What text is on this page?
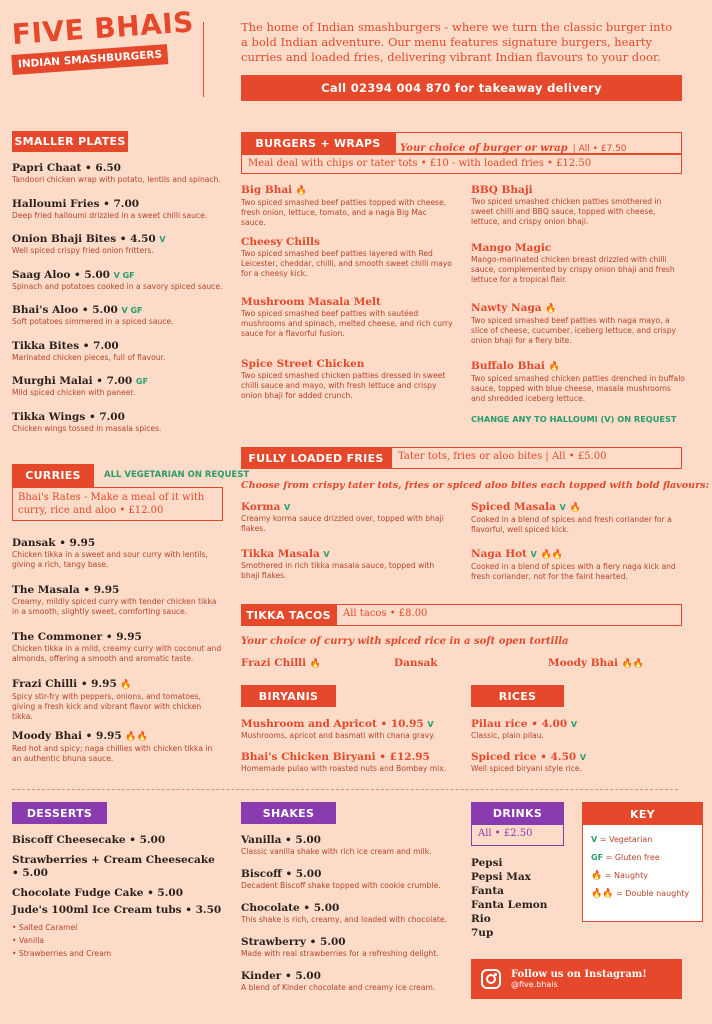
FIVE BHAIS
INDIAN SMASHBURGERS
The home of Indian smashburgers - where we turn the classic burger into a bold Indian adventure. Our menu features signature burgers, hearty curries and loaded fries, delivering vibrant Indian flavours to your door.
Call 02394 004 870 for takeaway delivery
SMALLER PLATES
Papri Chaat • 6.50
Tandoori chicken wrap with potato, lentils and spinach.
Halloumi Fries • 7.00
Deep fried halloumi drizzled in a sweet chilli sauce.
Onion Bhaji Bites • 4.50 V
Well spiced crispy fried onion fritters.
Saag Aloo • 5.00 V GF
Spinach and potatoes cooked in a savory spiced sauce.
Bhai's Aloo • 5.00 V GF
Soft potatoes simmered in a spiced sauce.
Tikka Bites • 7.00
Marinated chicken pieces, full of flavour.
Murghi Malai • 7.00 GF
Mild spiced chicken with paneer.
Tikka Wings • 7.00
Chicken wings tossed in masala spices.
CURRIES	ALL VEGETARIAN ON REQUEST
Bhai's Rates - Make a meal of it with curry, rice and aloo • £12.00
Dansak • 9.95
Chicken tikka in a sweet and sour curry with lentils, giving a rich, tangy base.
The Masala • 9.95
Creamy, mildly spiced curry with tender chicken tikka in a smooth, slightly sweet, comforting sauce.
The Commoner • 9.95
Chicken tikka in a mild, creamy curry with coconut and almonds, offering a smooth and aromatic taste.
Frazi Chilli • 9.95 🔥
Spicy stir-fry with peppers, onions, and tomatoes, giving a fresh kick and vibrant flavor with chicken tikka.
Moody Bhai • 9.95 🔥🔥
Red hot and spicy; naga chillies with chicken tikka in an authentic bhuna sauce.
BURGERS + WRAPS	Your choice of burger or wrap | All • £7.50
Meal deal with chips or tater tots • £10 - with loaded fries • £12.50
Big Bhai 🔥
Two spiced smashed beef patties topped with cheese, fresh onion, lettuce, tomato, and a naga Big Mac sauce.
Cheesy Chills
Two spiced smashed beef patties layered with Red Leicester, cheddar, chilli, and smooth sweet chilli mayo for a cheesy kick.
Mushroom Masala Melt
Two spiced smashed beef patties with sautéed mushrooms and spinach, melted cheese, and rich curry sauce for a flavorful fusion.
Spice Street Chicken
Two spiced smashed chicken patties dressed in sweet chilli sauce and mayo, with fresh lettuce and crispy onion bhaji for added crunch.
BBQ Bhaji
Two spiced smashed chicken patties smothered in sweet chilli and BBQ sauce, topped with cheese, lettuce, and crispy onion bhaji.
Mango Magic
Mango-marinated chicken breast drizzled with chilli sauce, complemented by crispy onion bhaji and fresh lettuce for a tropical flair.
Nawty Naga 🔥
Two spiced smashed beef patties with naga mayo, a slice of cheese, cucumber, iceberg lettuce, and crispy onion bhaji for a fiery bite.
Buffalo Bhai 🔥
Two spiced smashed chicken patties drenched in buffalo sauce, topped with blue cheese, masala mushrooms and shredded iceberg lettuce.
CHANGE ANY TO HALLOUMI (V) ON REQUEST
FULLY LOADED FRIES	Tater tots, fries or aloo bites | All • £5.00
Choose from crispy tater tots, fries or spiced aloo bites each topped with bold flavours:
Korma V
Creamy korma sauce drizzled over, topped with bhaji flakes.
Tikka Masala V
Smothered in rich tikka masala sauce, topped with bhaji flakes.
Spiced Masala V 🔥
Cooked in a blend of spices and fresh coriander for a flavorful, well spiced kick.
Naga Hot V 🔥🔥
Cooked in a blend of spices with a fiery naga kick and fresh coriander, not for the faint hearted.
TIKKA TACOS	All tacos • £8.00
Your choice of curry with spiced rice in a soft open tortilla
Frazi Chilli 🔥	Dansak	Moody Bhai 🔥🔥
BIRYANIS
Mushroom and Apricot • 10.95 V
Mushrooms, apricot and basmati with chana gravy.
Bhai's Chicken Biryani • £12.95
Homemade pulao with roasted nuts and Bombay mix.
RICES
Pilau rice • 4.00 V
Classic, plain pilau.
Spiced rice • 4.50 V
Well spiced biryani style rice.
DESSERTS
Biscoff Cheesecake • 5.00
Strawberries + Cream Cheesecake • 5.00
Chocolate Fudge Cake • 5.00
Jude's 100ml Ice Cream tubs • 3.50
• Salted Caramel
• Vanilla
• Strawberries and Cream
SHAKES
Vanilla • 5.00
Classic vanilla shake with rich ice cream and milk.
Biscoff • 5.00
Decadent Biscoff shake topped with cookie crumble.
Chocolate • 5.00
This shake is rich, creamy, and loaded with chocolate.
Strawberry • 5.00
Made with real strawberries for a refreshing delight.
Kinder • 5.00
A blend of Kinder chocolate and creamy ice cream.
DRINKS
All • £2.50
Pepsi
Pepsi Max
Fanta
Fanta Lemon
Rio
7up
KEY
V = Vegetarian
GF = Gluten free
🔥 = Naughty
🔥🔥 = Double naughty
Follow us on Instagram!
@five.bhais
